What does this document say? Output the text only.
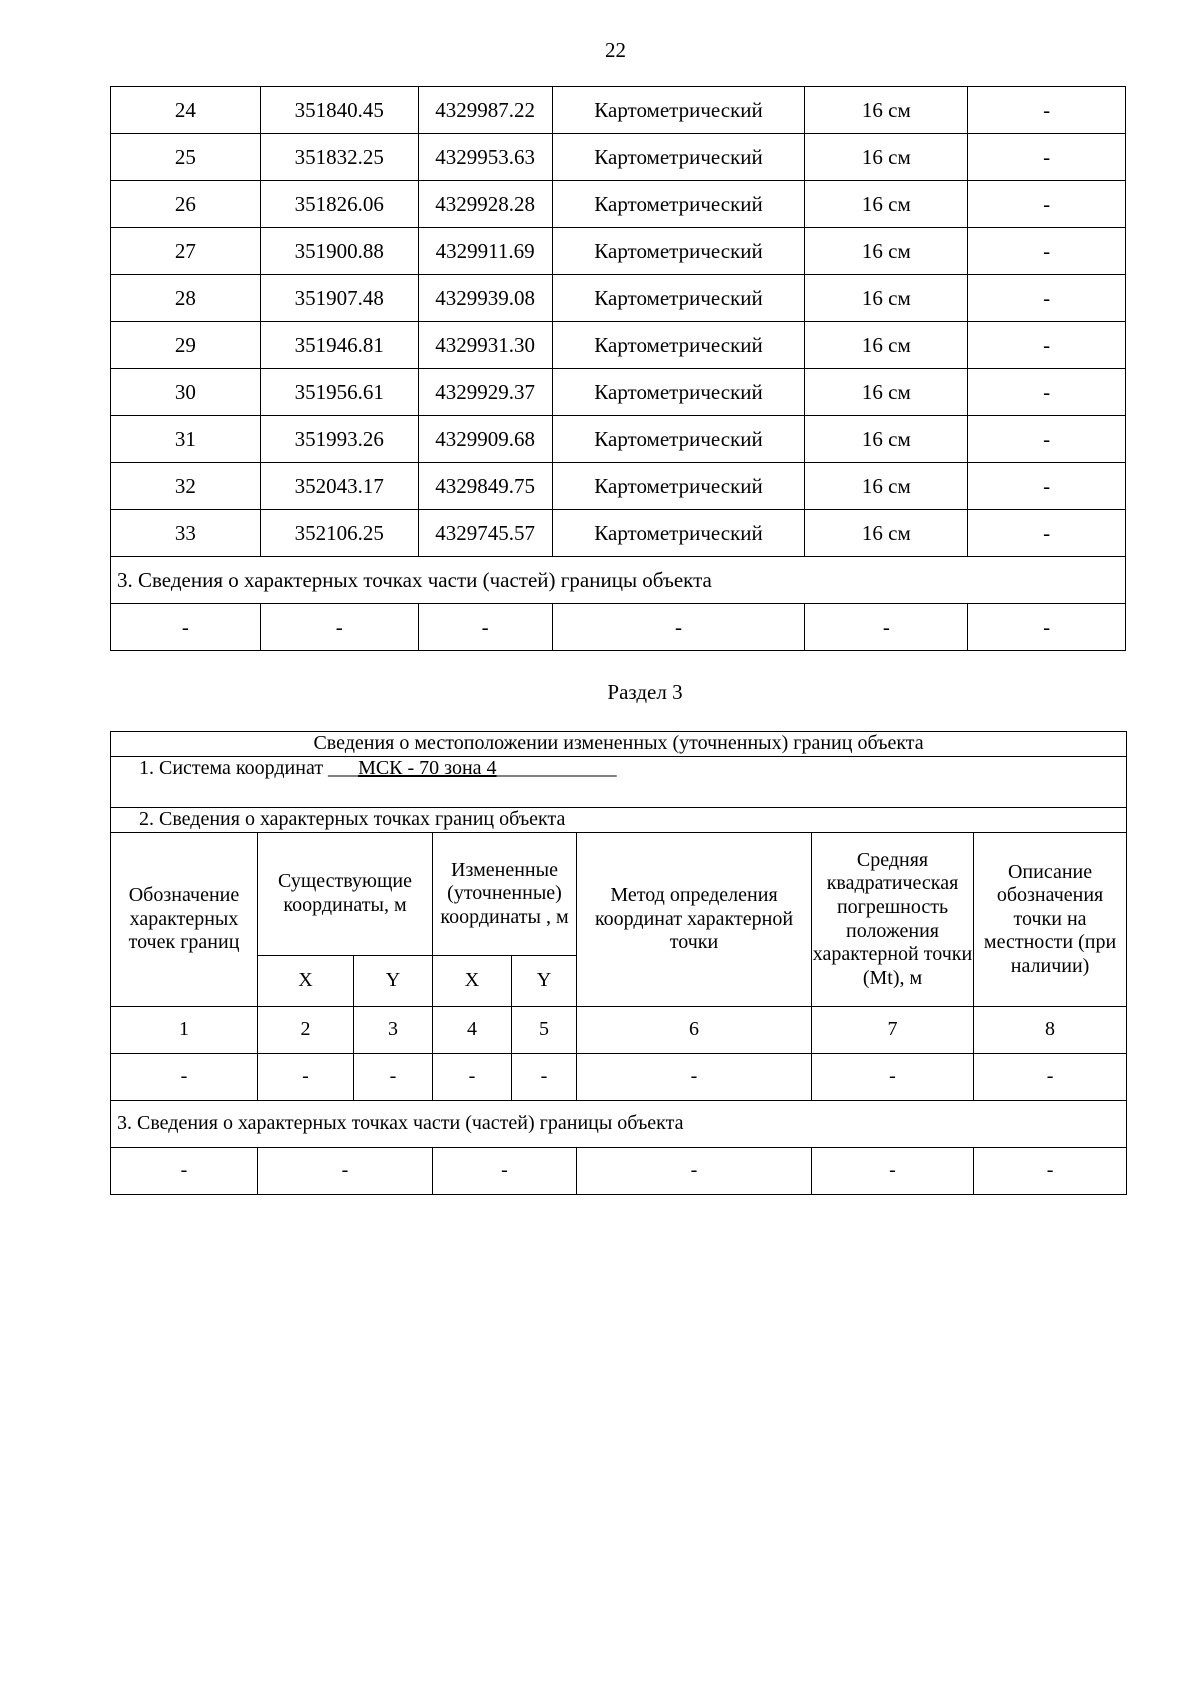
22
24	351840.45	4329987.22	Картометрический	16 см	-
25	351832.25	4329953.63	Картометрический	16 см	-
26	351826.06	4329928.28	Картометрический	16 см	-
27	351900.88	4329911.69	Картометрический	16 см	-
28	351907.48	4329939.08	Картометрический	16 см	-
29	351946.81	4329931.30	Картометрический	16 см	-
30	351956.61	4329929.37	Картометрический	16 см	-
31	351993.26	4329909.68	Картометрический	16 см	-
32	352043.17	4329849.75	Картометрический	16 см	-
33	352106.25	4329745.57	Картометрический	16 см	-
3. Сведения о характерных точках части (частей) границы объекта					
-	-	-	-	-	-
Раздел 3
Сведения о местоположении измененных (уточненных) границ объекта							
1. Система координат ___МСК - 70 зона 4____________							
2. Сведения о характерных точках границ объекта							
Обозначение характерных точек границ	Существующие координаты, м		Измененные (уточненные) координаты , м		Метод определения координат характерной точки	Средняя квадратическая погрешность положения характерной точки (Mt), м	Описание обозначения точки на местности (при наличии)
	X	Y	X	Y			
1	2	3	4	5	6	7	8
-	-	-	-	-	-	-	-
3. Сведения о характерных точках части (частей) границы объекта							
-	-		-		-	-	-
